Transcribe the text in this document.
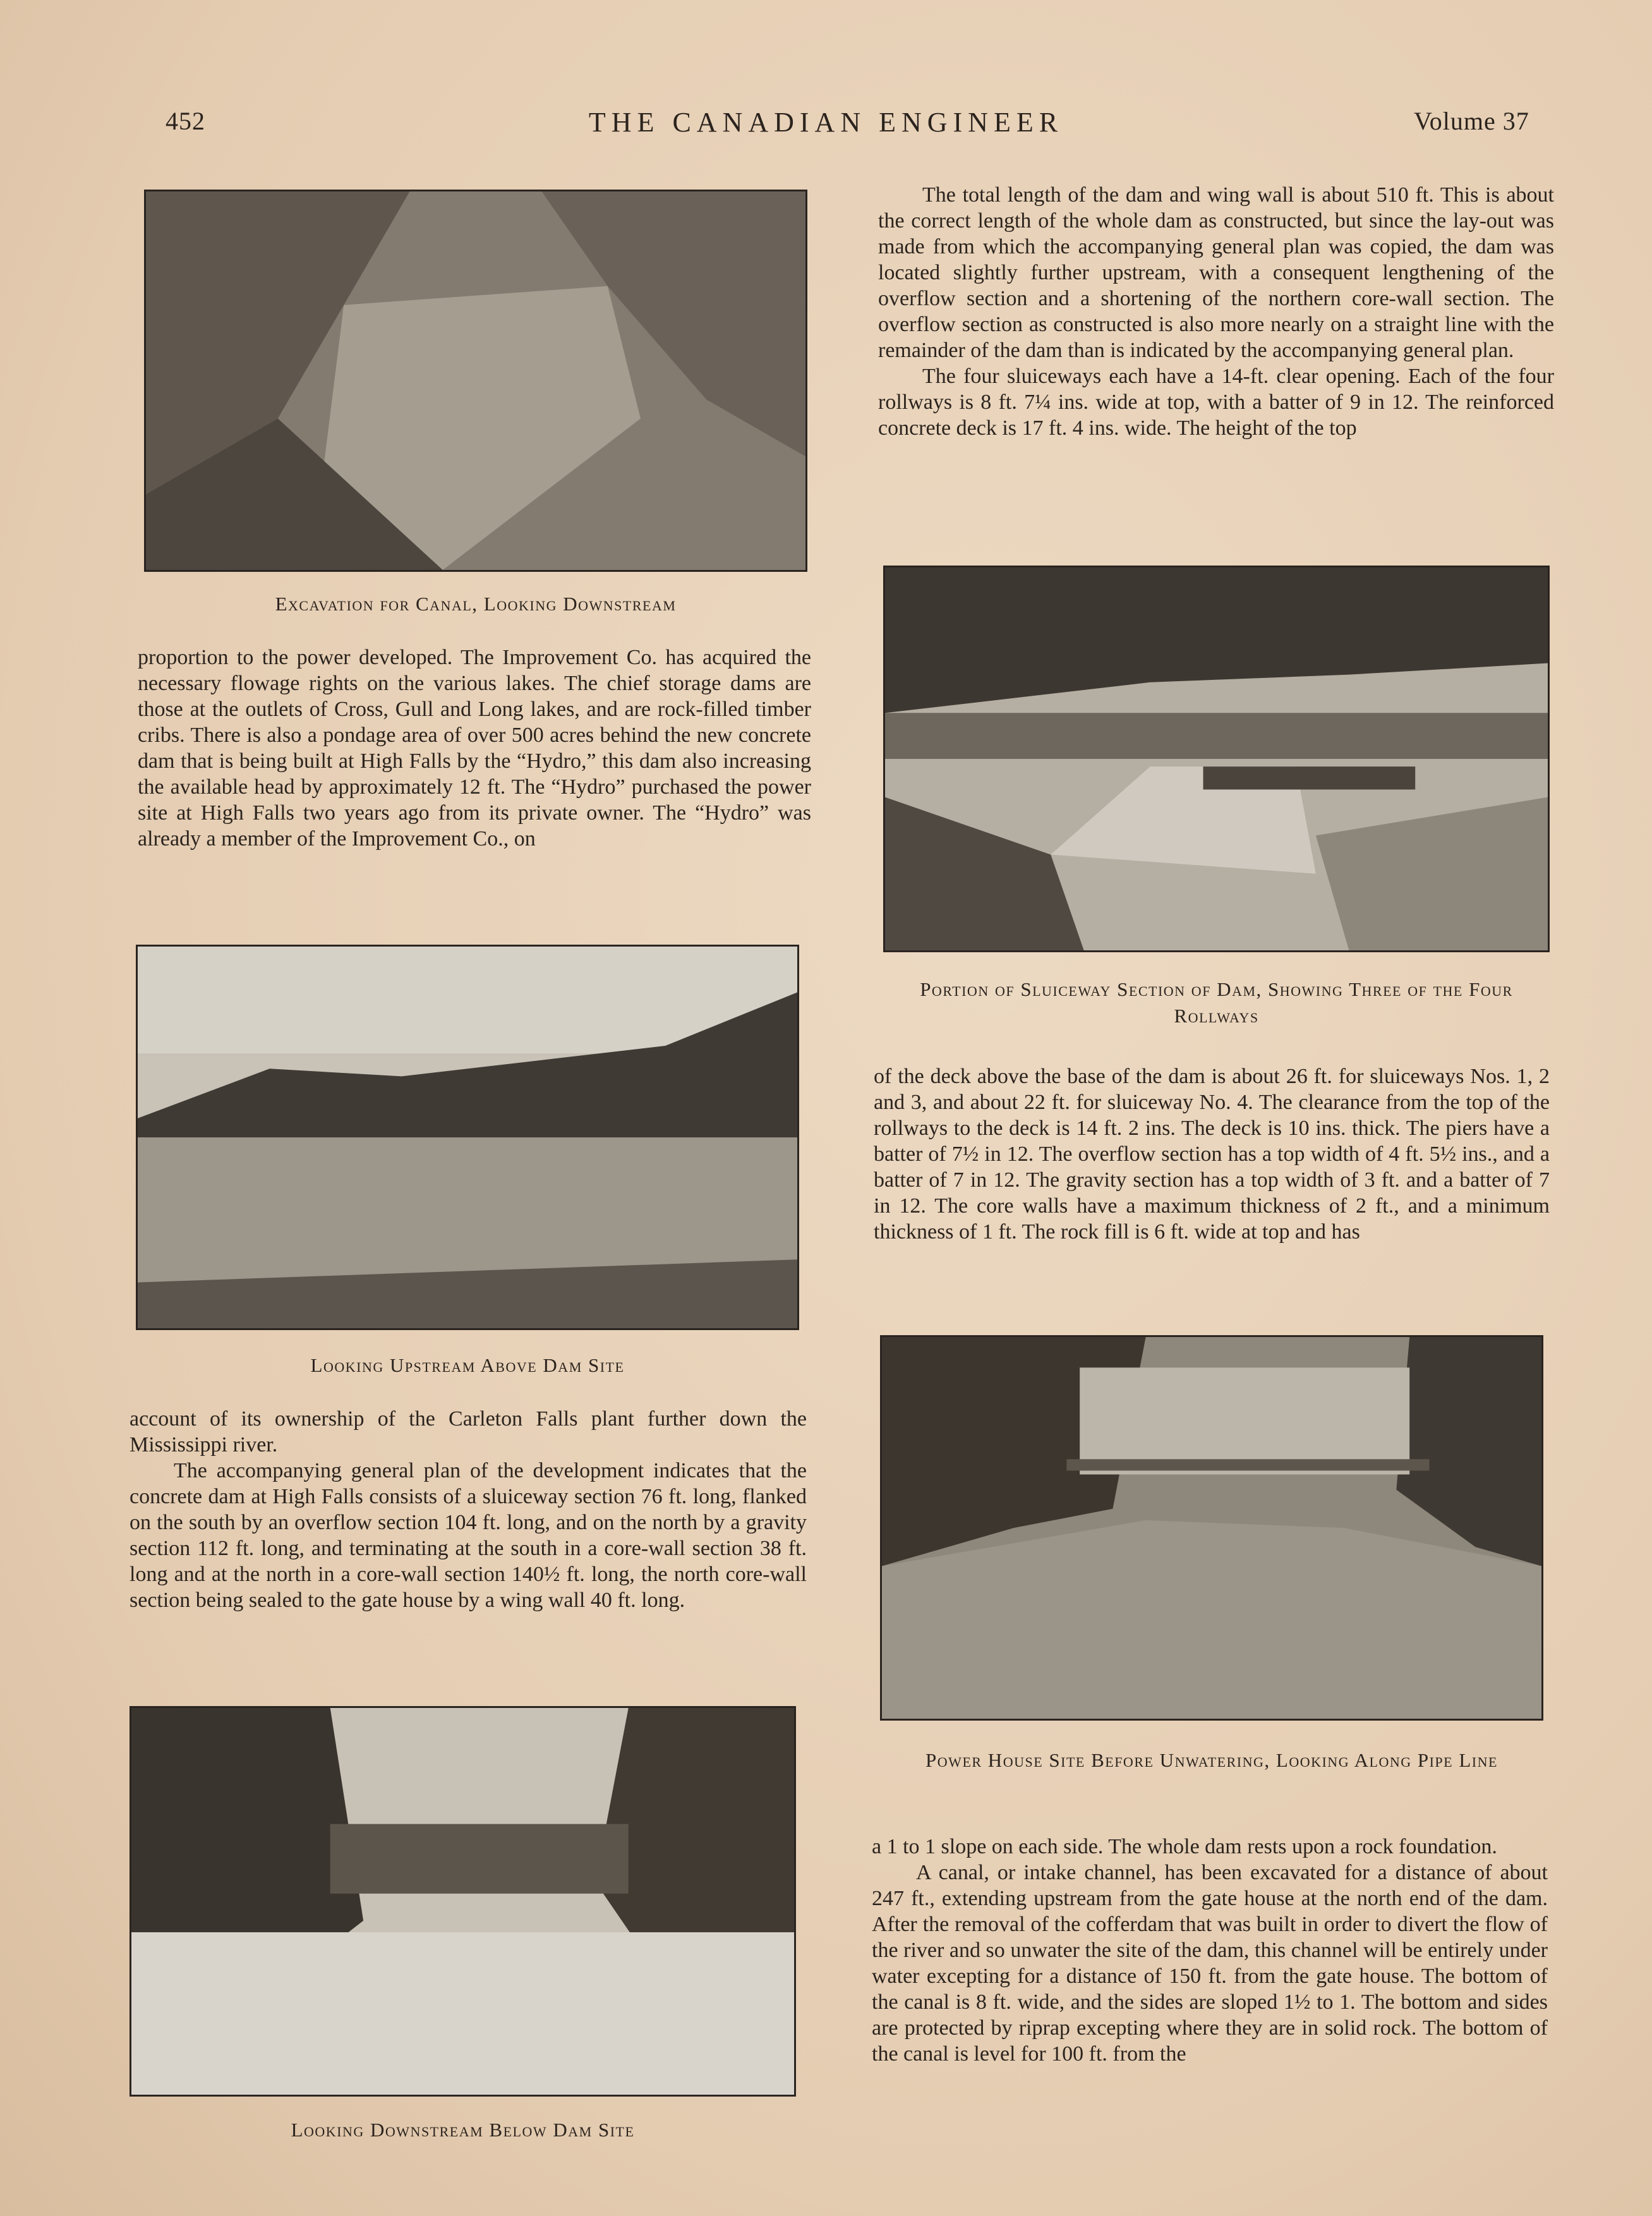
452	THE CANADIAN ENGINEER	Volume 37
Excavation for Canal, Looking Downstream

proportion to the power developed. The Improvement Co. has acquired the necessary flowage rights on the various lakes. The chief storage dams are those at the outlets of Cross, Gull and Long lakes, and are rock-filled timber cribs. There is also a pondage area of over 500 acres behind the new concrete dam that is being built at High Falls by the “Hydro,” this dam also increasing the available head by approximately 12 ft. The “Hydro” purchased the power site at High Falls two years ago from its private owner. The “Hydro” was already a member of the Improvement Co., on

Looking Upstream Above Dam Site

account of its ownership of the Carleton Falls plant further down the Mississippi river.

The accompanying general plan of the development indicates that the concrete dam at High Falls consists of a sluiceway section 76 ft. long, flanked on the south by an overflow section 104 ft. long, and on the north by a gravity section 112 ft. long, and terminating at the south in a core-wall section 38 ft. long and at the north in a core-wall section 140½ ft. long, the north core-wall section being sealed to the gate house by a wing wall 40 ft. long.

Looking Downstream Below Dam Site

The total length of the dam and wing wall is about 510 ft. This is about the correct length of the whole dam as constructed, but since the lay-out was made from which the accompanying general plan was copied, the dam was located slightly further upstream, with a consequent lengthening of the overflow section and a shortening of the northern core-wall section. The overflow section as constructed is also more nearly on a straight line with the remainder of the dam than is indicated by the accompanying general plan.

The four sluiceways each have a 14-ft. clear opening. Each of the four rollways is 8 ft. 7¼ ins. wide at top, with a batter of 9 in 12. The reinforced concrete deck is 17 ft. 4 ins. wide. The height of the top

Portion of Sluiceway Section of Dam, Showing Three of the Four Rollways

of the deck above the base of the dam is about 26 ft. for sluiceways Nos. 1, 2 and 3, and about 22 ft. for sluiceway No. 4. The clearance from the top of the rollways to the deck is 14 ft. 2 ins. The deck is 10 ins. thick. The piers have a batter of 7½ in 12. The overflow section has a top width of 4 ft. 5½ ins., and a batter of 7 in 12. The gravity section has a top width of 3 ft. and a batter of 7 in 12. The core walls have a maximum thickness of 2 ft., and a minimum thickness of 1 ft. The rock fill is 6 ft. wide at top and has

Power House Site Before Unwatering, Looking Along Pipe Line

a 1 to 1 slope on each side. The whole dam rests upon a rock foundation.

A canal, or intake channel, has been excavated for a distance of about 247 ft., extending upstream from the gate house at the north end of the dam. After the removal of the cofferdam that was built in order to divert the flow of the river and so unwater the site of the dam, this channel will be entirely under water excepting for a distance of 150 ft. from the gate house. The bottom of the canal is 8 ft. wide, and the sides are sloped 1½ to 1. The bottom and sides are protected by riprap excepting where they are in solid rock. The bottom of the canal is level for 100 ft. from the
